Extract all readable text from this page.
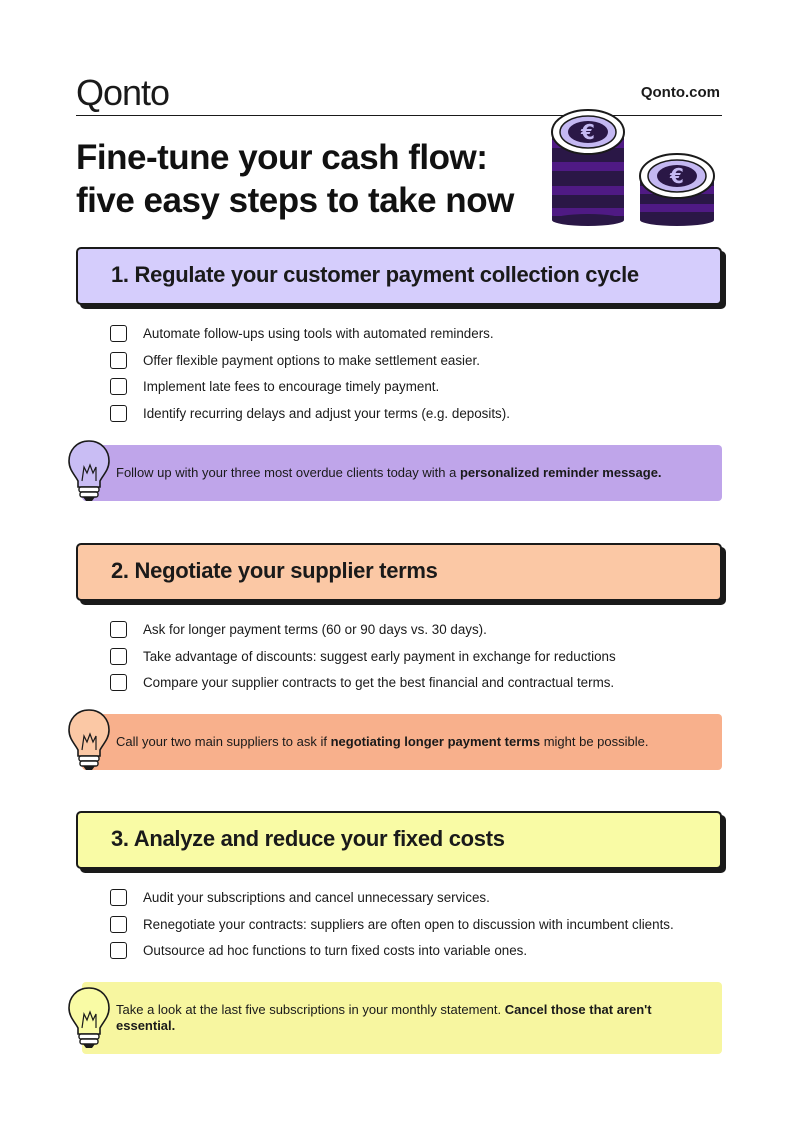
Qonto	Qonto.com
Fine-tune your cash flow:
five easy steps to take now
€
€
1. Regulate your customer payment collection cycle
Automate follow-ups using tools with automated reminders.
Offer flexible payment options to make settlement easier.
Implement late fees to encourage timely payment.
Identify recurring delays and adjust your terms (e.g. deposits).
Follow up with your three most overdue clients today with a personalized reminder message.
2. Negotiate your supplier terms
Ask for longer payment terms (60 or 90 days vs. 30 days).
Take advantage of discounts: suggest early payment in exchange for reductions
Compare your supplier contracts to get the best financial and contractual terms.
Call your two main suppliers to ask if negotiating longer payment terms might be possible.
3. Analyze and reduce your fixed costs
Audit your subscriptions and cancel unnecessary services.
Renegotiate your contracts: suppliers are often open to discussion with incumbent clients.
Outsource ad hoc functions to turn fixed costs into variable ones.
Take a look at the last five subscriptions in your monthly statement. Cancel those that aren't essential.
